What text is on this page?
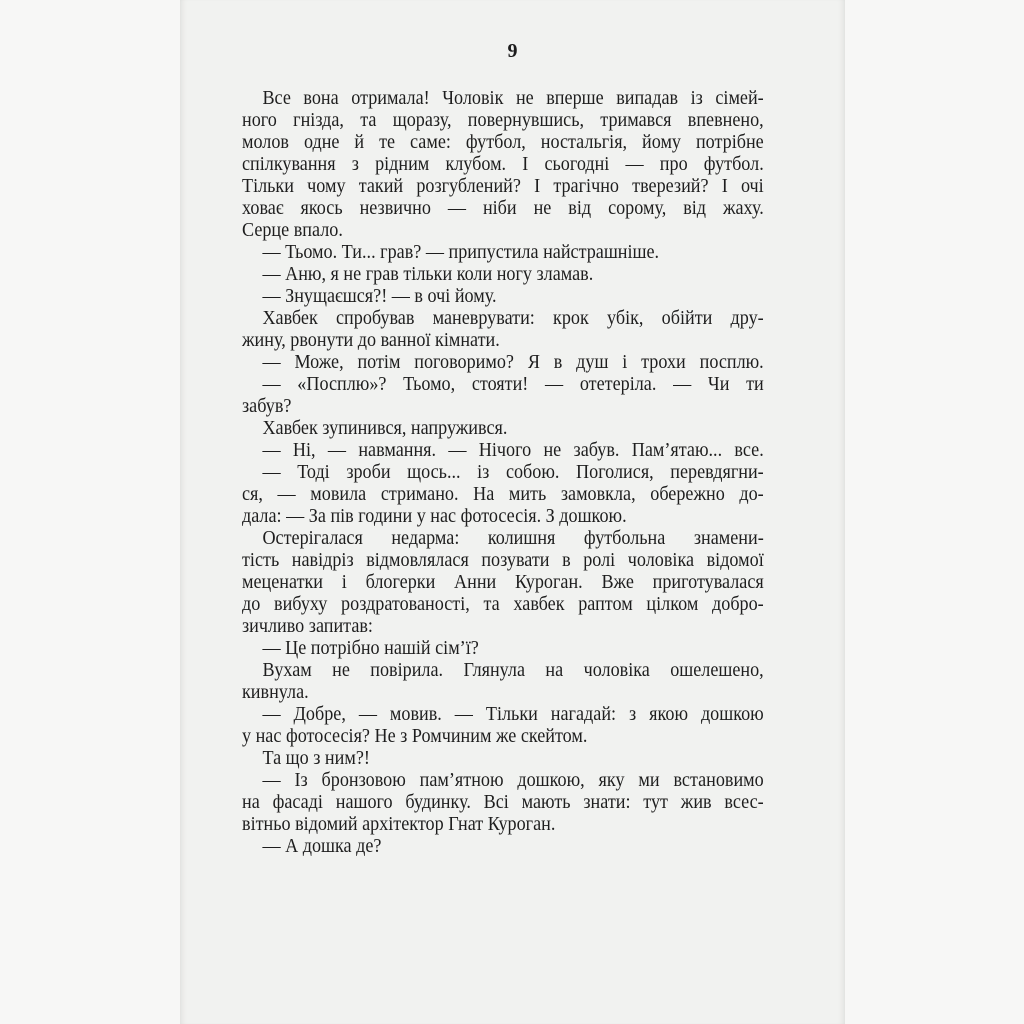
9
Все вона отримала! Чоловік не вперше випадав із сімей-
ного гнізда, та щоразу, повернувшись, тримався впевнено,
молов одне й те саме: футбол, ностальгія, йому потрібне
спілкування з рідним клубом. І сьогодні — про футбол.
Тільки чому такий розгублений? І трагічно тверезий? І очі
ховає якось незвично — ніби не від сорому, від жаху.
Серце впало.
— Тьомо. Ти... грав? — припустила найстрашніше.
— Аню, я не грав тільки коли ногу зламав.
— Знущаєшся?! — в очі йому.
Хавбек спробував маневрувати: крок убік, обійти дру-
жину, рвонути до ванної кімнати.
— Може, потім поговоримо? Я в душ і трохи посплю.
— «Посплю»? Тьомо, стояти! — отетеріла. — Чи ти
забув?
Хавбек зупинився, напружився.
— Ні, — навмання. — Нічого не забув. Пам’ятаю... все.
— Тоді зроби щось... із собою. Поголися, перевдягни-
ся, — мовила стримано. На мить замовкла, обережно до-
дала: — За пів години у нас фотосесія. З дошкою.
Остерігалася недарма: колишня футбольна знамени-
тість навідріз відмовлялася позувати в ролі чоловіка відомої
меценатки і блогерки Анни Куроган. Вже приготувалася
до вибуху роздратованості, та хавбек раптом цілком добро-
зичливо запитав:
— Це потрібно нашій сім’ї?
Вухам не повірила. Глянула на чоловіка ошелешено,
кивнула.
— Добре, — мовив. — Тільки нагадай: з якою дошкою
у нас фотосесія? Не з Ромчиним же скейтом.
Та що з ним?!
— Із бронзовою пам’ятною дошкою, яку ми встановимо
на фасаді нашого будинку. Всі мають знати: тут жив всес-
вітньо відомий архітектор Гнат Куроган.
— А дошка де?
